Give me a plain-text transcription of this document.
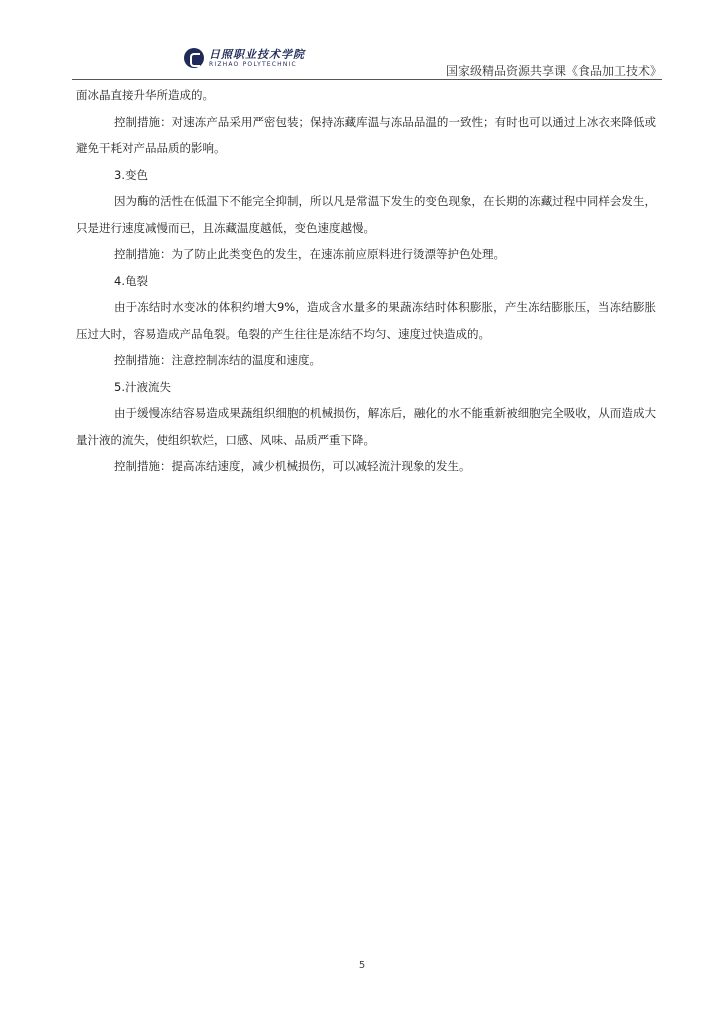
日照职业技术学院
RIZHAO POLYTECHNIC	国家级精品资源共享课《食品加工技术》

面冰晶直接升华所造成的。

控制措施：对速冻产品采用严密包装；保持冻藏库温与冻品品温的一致性；有时也可以通过上冰衣来降低或避免干耗对产品品质的影响。

3.变色

因为酶的活性在低温下不能完全抑制，所以凡是常温下发生的变色现象，在长期的冻藏过程中同样会发生，只是进行速度减慢而已，且冻藏温度越低，变色速度越慢。

控制措施：为了防止此类变色的发生，在速冻前应原料进行烫漂等护色处理。

4.龟裂

由于冻结时水变冰的体积约增大9%，造成含水量多的果蔬冻结时体积膨胀，产生冻结膨胀压，当冻结膨胀压过大时，容易造成产品龟裂。龟裂的产生往往是冻结不均匀、速度过快造成的。

控制措施：注意控制冻结的温度和速度。

5.汁液流失

由于缓慢冻结容易造成果蔬组织细胞的机械损伤，解冻后，融化的水不能重新被细胞完全吸收，从而造成大量汁液的流失，使组织软烂，口感、风味、品质严重下降。

控制措施：提高冻结速度，减少机械损伤，可以减轻流汁现象的发生。

5
